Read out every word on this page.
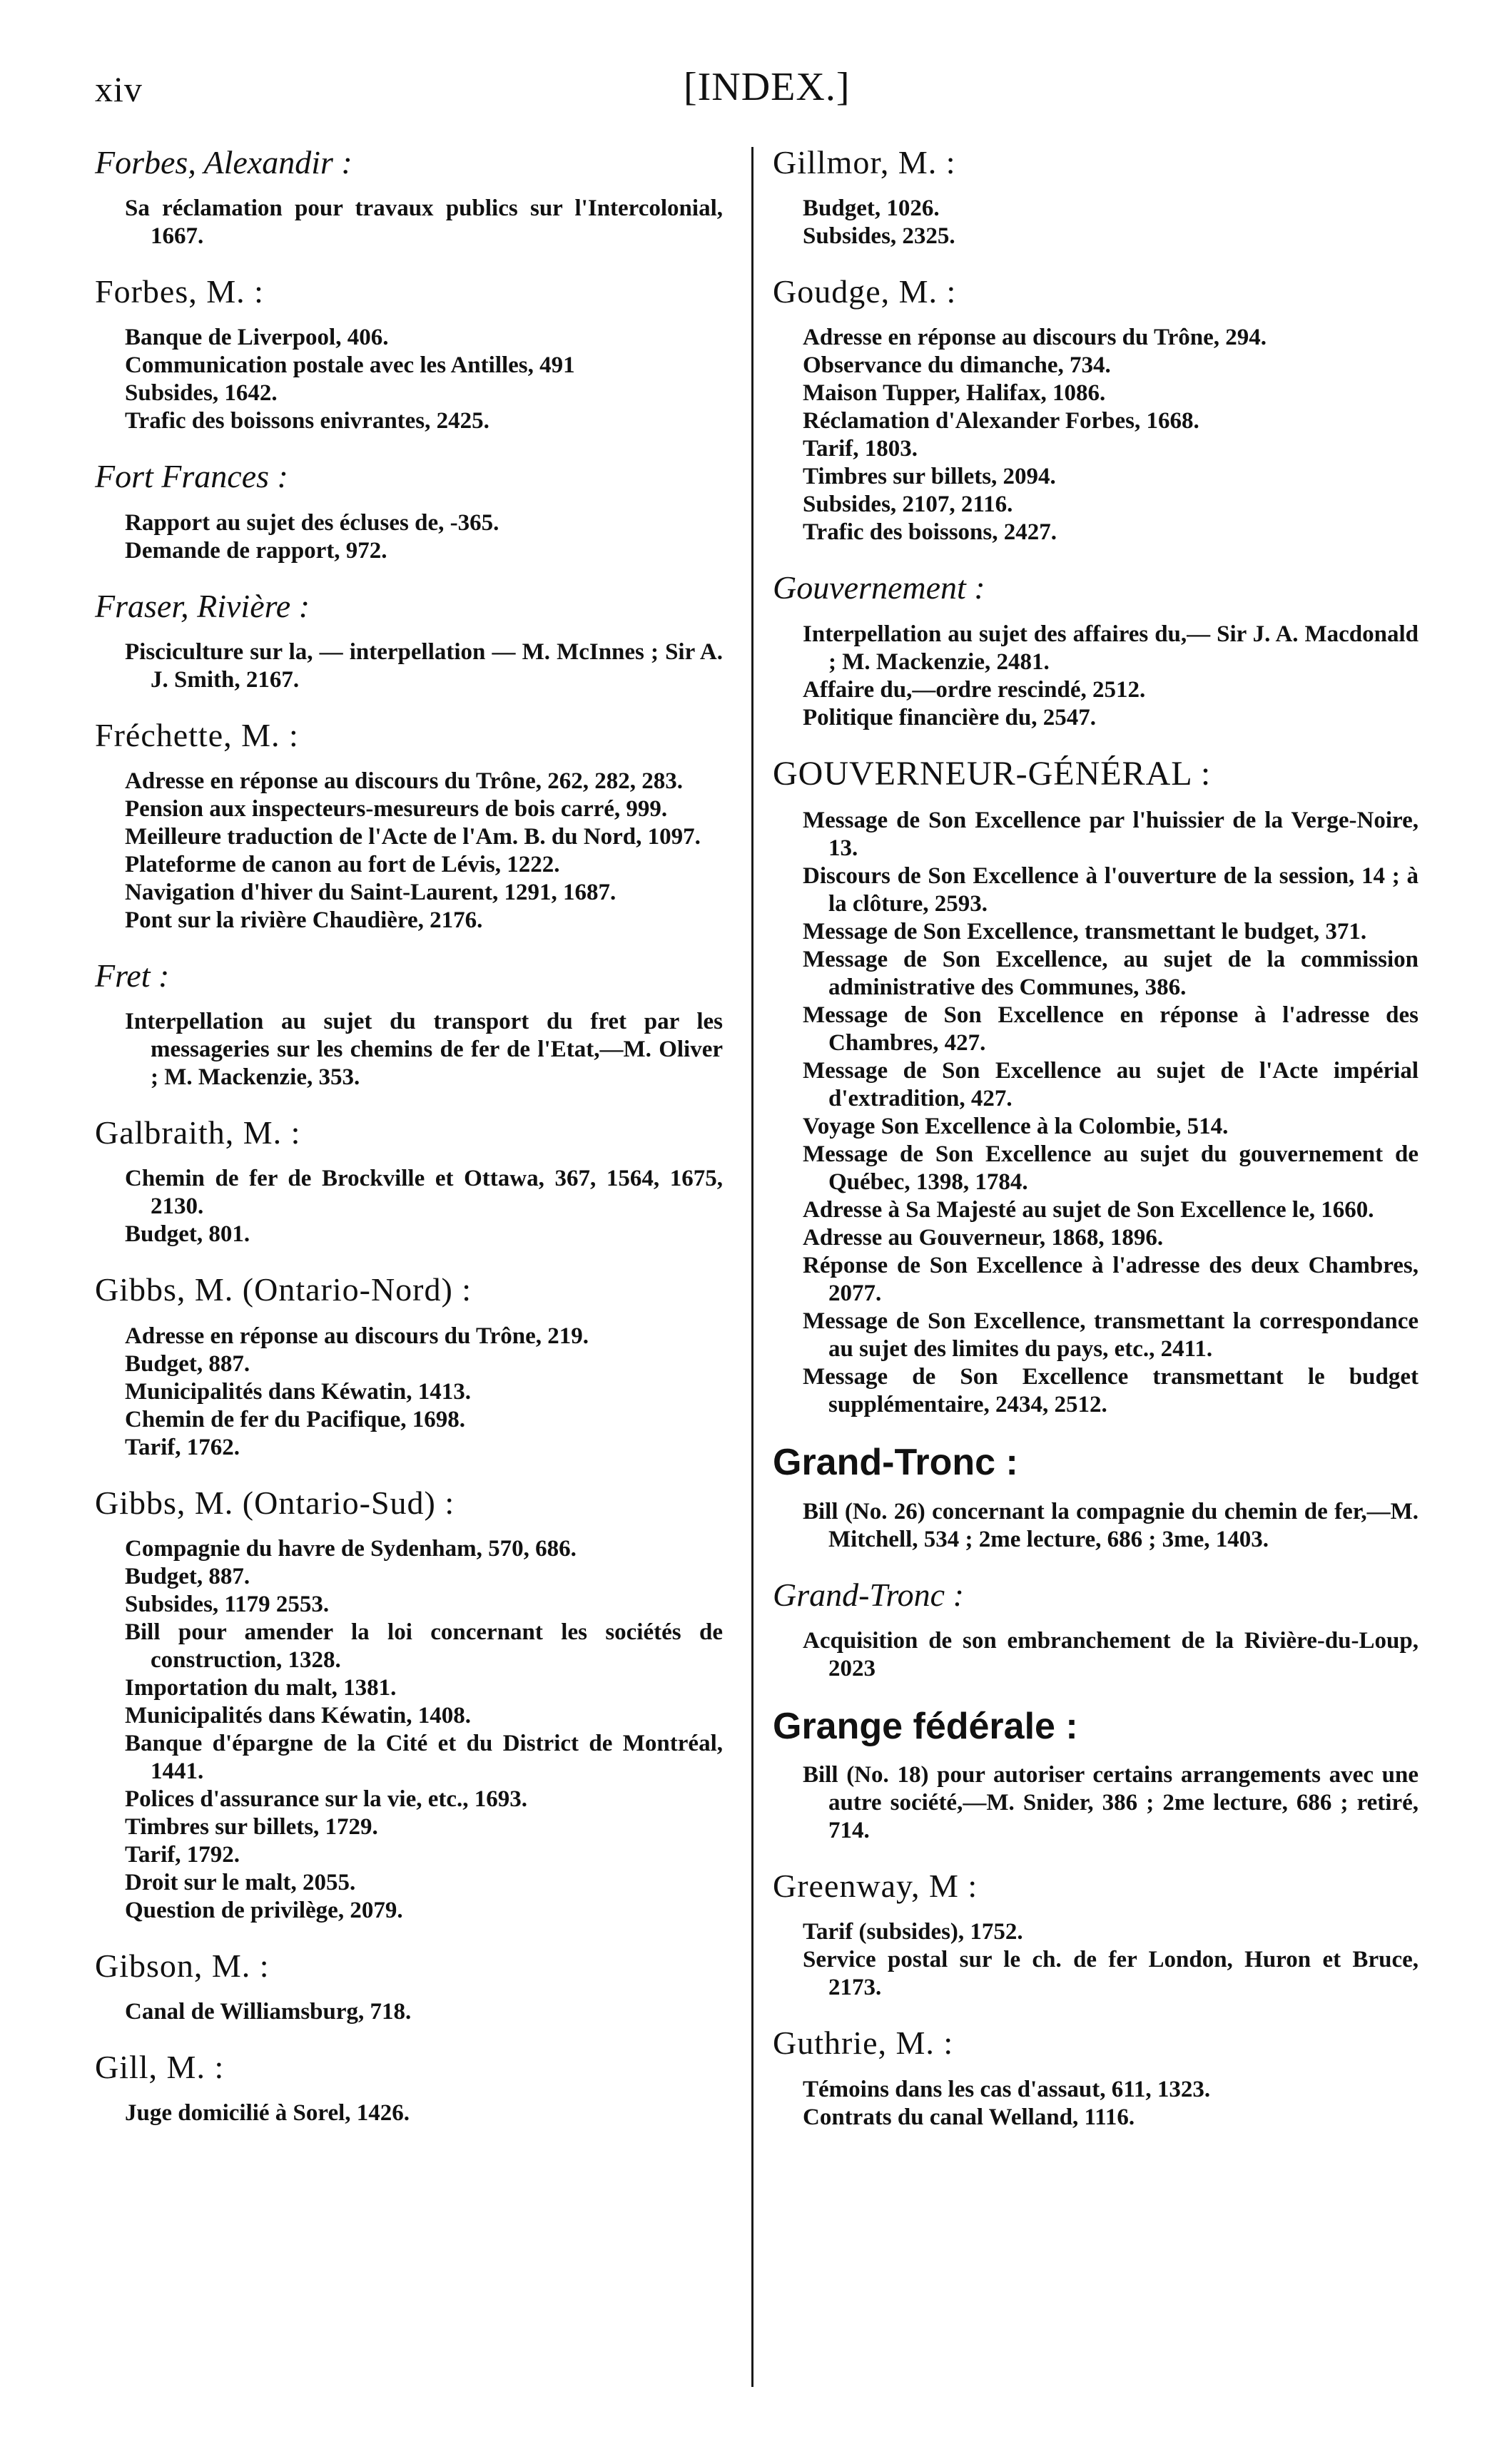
xiv	[INDEX.]
Forbes, Alexandir :
Sa réclamation pour travaux publics sur l'Intercolonial, 1667.
Forbes, M. :
Banque de Liverpool, 406.
Communication postale avec les Antilles, 491
Subsides, 1642.
Trafic des boissons enivrantes, 2425.
Fort Frances :
Rapport au sujet des écluses de, -365.
Demande de rapport, 972.
Fraser, Rivière :
Pisciculture sur la, — interpellation — M. McInnes ; Sir A. J. Smith, 2167.
Fréchette, M. :
Adresse en réponse au discours du Trône, 262, 282, 283.
Pension aux inspecteurs-mesureurs de bois carré, 999.
Meilleure traduction de l'Acte de l'Am. B. du Nord, 1097.
Plateforme de canon au fort de Lévis, 1222.
Navigation d'hiver du Saint-Laurent, 1291, 1687.
Pont sur la rivière Chaudière, 2176.
Fret :
Interpellation au sujet du transport du fret par les messageries sur les chemins de fer de l'Etat,—M. Oliver ; M. Mackenzie, 353.
Galbraith, M. :
Chemin de fer de Brockville et Ottawa, 367, 1564, 1675, 2130.
Budget, 801.
Gibbs, M. (Ontario-Nord) :
Adresse en réponse au discours du Trône, 219.
Budget, 887.
Municipalités dans Kéwatin, 1413.
Chemin de fer du Pacifique, 1698.
Tarif, 1762.
Gibbs, M. (Ontario-Sud) :
Compagnie du havre de Sydenham, 570, 686.
Budget, 887.
Subsides, 1179 2553.
Bill pour amender la loi concernant les sociétés de construction, 1328.
Importation du malt, 1381.
Municipalités dans Kéwatin, 1408.
Banque d'épargne de la Cité et du District de Montréal, 1441.
Polices d'assurance sur la vie, etc., 1693.
Timbres sur billets, 1729.
Tarif, 1792.
Droit sur le malt, 2055.
Question de privilège, 2079.
Gibson, M. :
Canal de Williamsburg, 718.
Gill, M. :
Juge domicilié à Sorel, 1426.
Gillmor, M. :
Budget, 1026.
Subsides, 2325.
Goudge, M. :
Adresse en réponse au discours du Trône, 294.
Observance du dimanche, 734.
Maison Tupper, Halifax, 1086.
Réclamation d'Alexander Forbes, 1668.
Tarif, 1803.
Timbres sur billets, 2094.
Subsides, 2107, 2116.
Trafic des boissons, 2427.
Gouvernement :
Interpellation au sujet des affaires du,— Sir J. A. Macdonald ; M. Mackenzie, 2481.
Affaire du,—ordre rescindé, 2512.
Politique financière du, 2547.
GOUVERNEUR-GÉNÉRAL :
Message de Son Excellence par l'huissier de la Verge-Noire, 13.
Discours de Son Excellence à l'ouverture de la session, 14 ; à la clôture, 2593.
Message de Son Excellence, transmettant le budget, 371.
Message de Son Excellence, au sujet de la commission administrative des Communes, 386.
Message de Son Excellence en réponse à l'adresse des Chambres, 427.
Message de Son Excellence au sujet de l'Acte impérial d'extradition, 427.
Voyage Son Excellence à la Colombie, 514.
Message de Son Excellence au sujet du gouvernement de Québec, 1398, 1784.
Adresse à Sa Majesté au sujet de Son Excellence le, 1660.
Adresse au Gouverneur, 1868, 1896.
Réponse de Son Excellence à l'adresse des deux Chambres, 2077.
Message de Son Excellence, transmettant la correspondance au sujet des limites du pays, etc., 2411.
Message de Son Excellence transmettant le budget supplémentaire, 2434, 2512.
Grand-Tronc :
Bill (No. 26) concernant la compagnie du chemin de fer,—M. Mitchell, 534 ; 2me lecture, 686 ; 3me, 1403.
Grand-Tronc :
Acquisition de son embranchement de la Rivière-du-Loup, 2023
Grange fédérale :
Bill (No. 18) pour autoriser certains arrangements avec une autre société,—M. Snider, 386 ; 2me lecture, 686 ; retiré, 714.
Greenway, M :
Tarif (subsides), 1752.
Service postal sur le ch. de fer London, Huron et Bruce, 2173.
Guthrie, M. :
Témoins dans les cas d'assaut, 611, 1323.
Contrats du canal Welland, 1116.
